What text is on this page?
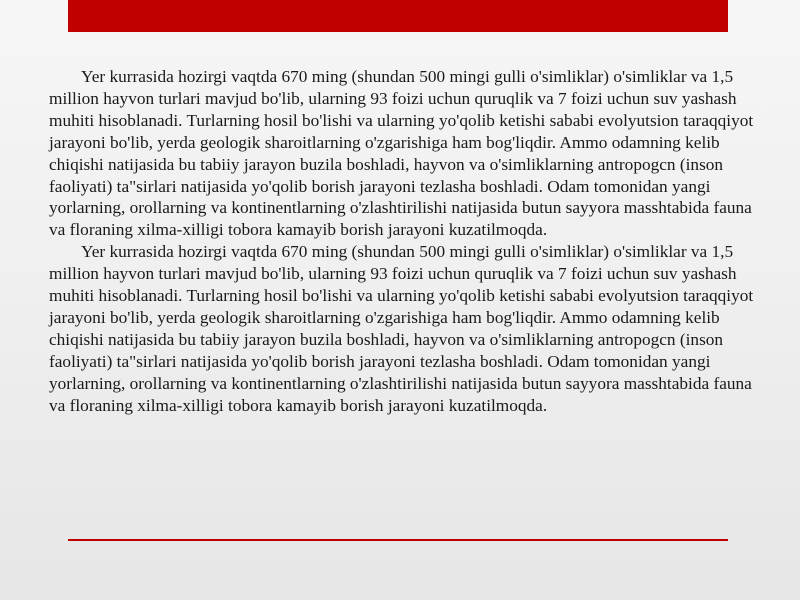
Yer kurrasida hozirgi vaqtda 670 ming (shundan 500 mingi gulli o'simliklar) o'simliklar va 1,5 million hayvon turlari mavjud bo'lib, ularning 93 foizi uchun quruqlik va 7 foizi uchun suv yashash muhiti hisoblanadi. Turlarning hosil bo'lishi va ularning yo'qolib ketishi sababi evolyutsion taraqqiyot jarayoni bo'lib, yerda geologik sharoitlarning o'zgarishiga ham bog'liqdir. Ammo odamning kelib chiqishi natijasida bu tabiiy jarayon buzila boshladi, hayvon va o'simliklarning antropogcn (inson faoliyati) ta"sirlari natijasida yo'qolib borish jarayoni tezlasha boshladi. Odam tomonidan yangi yorlarning, orollarning va kontinentlarning o'zlashtirilishi natijasida butun sayyora masshtabida fauna va floraning xilma-xilligi tobora kamayib borish jarayoni kuzatilmoqda.

Yer kurrasida hozirgi vaqtda 670 ming (shundan 500 mingi gulli o'simliklar) o'simliklar va 1,5 million hayvon turlari mavjud bo'lib, ularning 93 foizi uchun quruqlik va 7 foizi uchun suv yashash muhiti hisoblanadi. Turlarning hosil bo'lishi va ularning yo'qolib ketishi sababi evolyutsion taraqqiyot jarayoni bo'lib, yerda geologik sharoitlarning o'zgarishiga ham bog'liqdir. Ammo odamning kelib chiqishi natijasida bu tabiiy jarayon buzila boshladi, hayvon va o'simliklarning antropogcn (inson faoliyati) ta"sirlari natijasida yo'qolib borish jarayoni tezlasha boshladi. Odam tomonidan yangi yorlarning, orollarning va kontinentlarning o'zlashtirilishi natijasida butun sayyora masshtabida fauna va floraning xilma-xilligi tobora kamayib borish jarayoni kuzatilmoqda.
